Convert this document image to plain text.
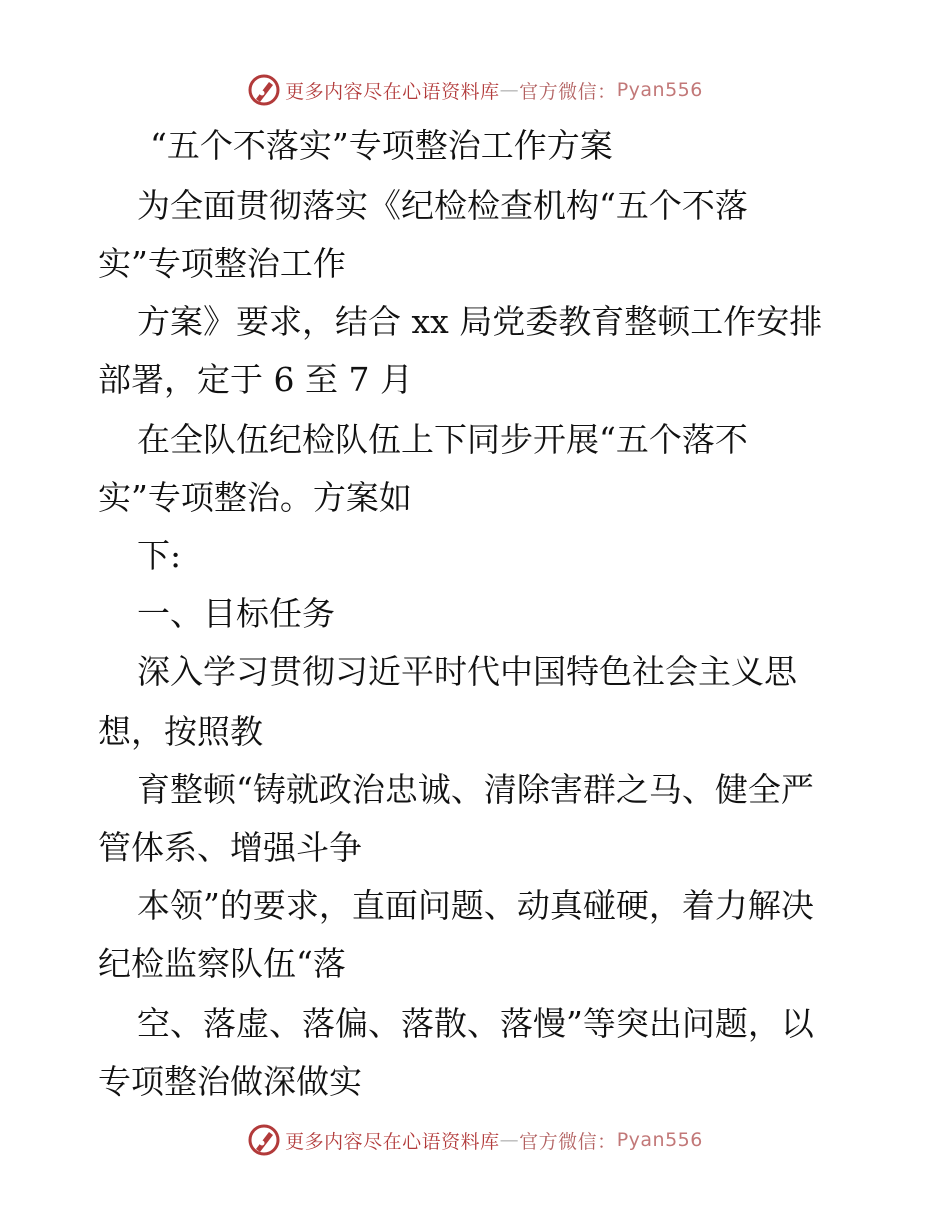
更多内容尽在心语资料库 — 官方微信： Pyan556
“五个不落实”专项整治工作方案
为全面贯彻落实《纪检检查机构“五个不落
实”专项整治工作
方案》要求，结合 xx 局党委教育整顿工作安排
部署，定于 6 至 7 月
在全队伍纪检队伍上下同步开展“五个落不
实”专项整治。方案如
下:
一、目标任务
深入学习贯彻习近平时代中国特色社会主义思
想，按照教
育整顿“铸就政治忠诚、清除害群之马、健全严
管体系、增强斗争
本领”的要求，直面问题、动真碰硬，着力解决
纪检监察队伍“落
空、落虚、落偏、落散、落慢”等突出问题，以
专项整治做深做实
更多内容尽在心语资料库 — 官方微信： Pyan556
